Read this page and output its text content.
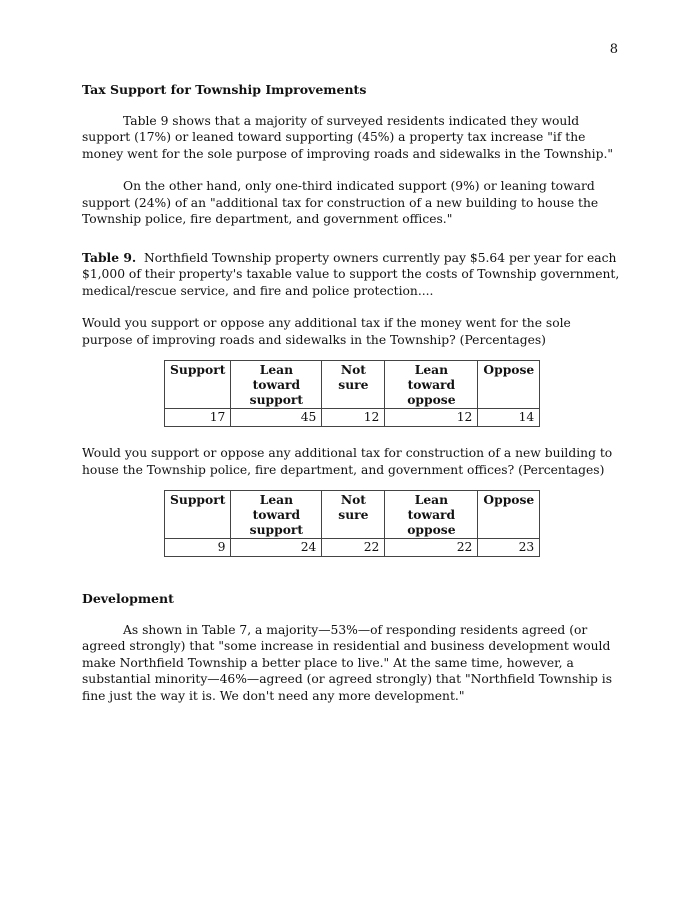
8
Tax Support for Township Improvements

Table 9 shows that a majority of surveyed residents indicated they would support (17%) or leaned toward supporting (45%) a property tax increase "if the money went for the sole purpose of improving roads and sidewalks in the Township."

On the other hand, only one-third indicated support (9%) or leaning toward support (24%) of an "additional tax for construction of a new building to house the Township police, fire department, and government offices."

Table 9. Northfield Township property owners currently pay $5.64 per year for each $1,000 of their property's taxable value to support the costs of Township government, medical/rescue service, and fire and police protection....

Would you support or oppose any additional tax if the money went for the sole purpose of improving roads and sidewalks in the Township? (Percentages)

Support	Lean toward support	Not sure	Lean toward oppose	Oppose
17	45	12	12	14

Would you support or oppose any additional tax for construction of a new building to house the Township police, fire department, and government offices? (Percentages)

Support	Lean toward support	Not sure	Lean toward oppose	Oppose
9	24	22	22	23
Development

As shown in Table 7, a majority—53%—of responding residents agreed (or agreed strongly) that "some increase in residential and business development would make Northfield Township a better place to live." At the same time, however, a substantial minority—46%—agreed (or agreed strongly) that "Northfield Township is fine just the way it is. We don't need any more development."
